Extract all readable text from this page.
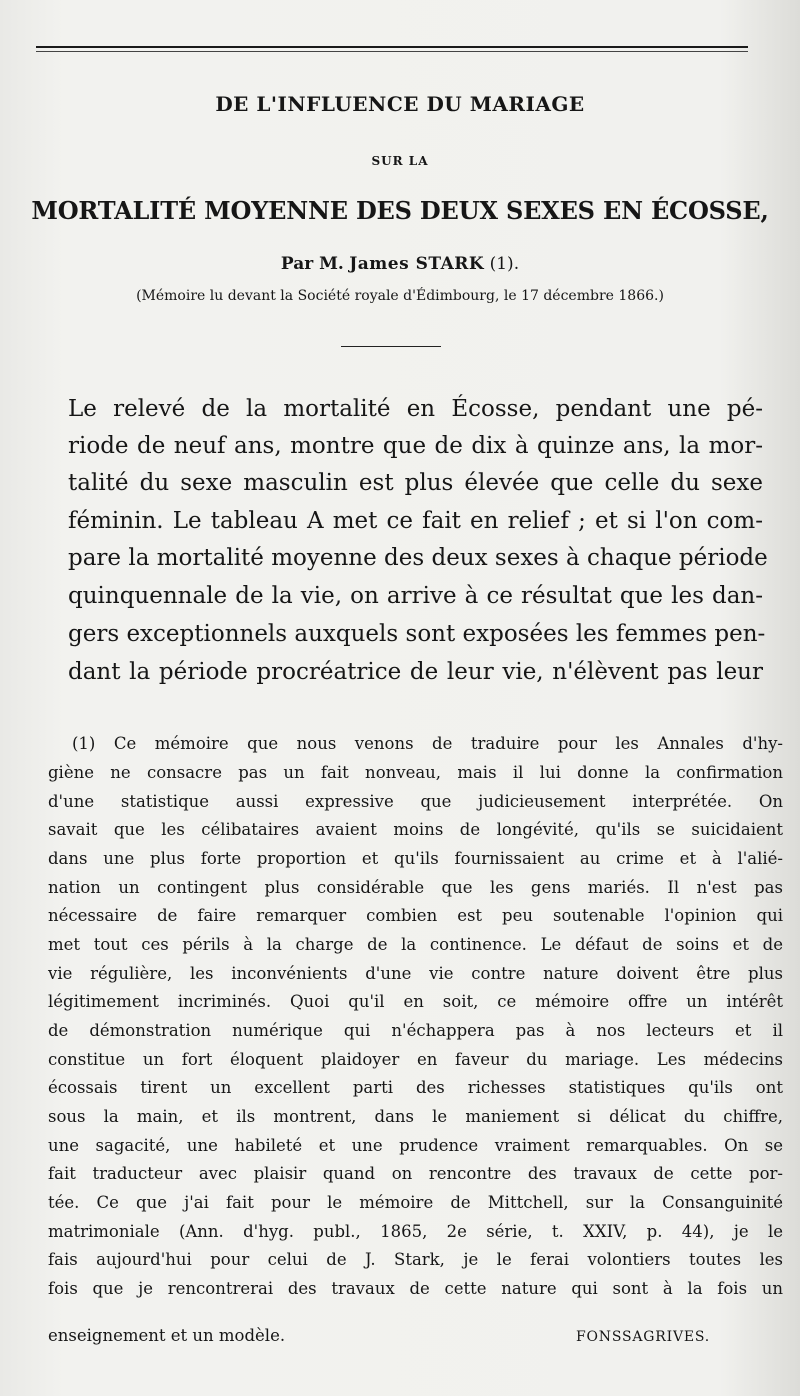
DE L'INFLUENCE DU MARIAGE
SUR LA
MORTALITÉ MOYENNE DES DEUX SEXES EN ÉCOSSE,
Par M. James STARK (1).
(Mémoire lu devant la Société royale d'Édimbourg, le 17 décembre 1866.)
Le relevé de la mortalité en Écosse, pendant une pé-
riode de neuf ans, montre que de dix à quinze ans, la mor-
talité du sexe masculin est plus élevée que celle du sexe
féminin. Le tableau A met ce fait en relief ; et si l'on com-
pare la mortalité moyenne des deux sexes à chaque période
quinquennale de la vie, on arrive à ce résultat que les dan-
gers exceptionnels auxquels sont exposées les femmes pen-
dant la période procréatrice de leur vie, n'élèvent pas leur
(1) Ce mémoire que nous venons de traduire pour les Annales d'hy-
giène ne consacre pas un fait nonveau, mais il lui donne la confirmation
d'une statistique aussi expressive que judicieusement interprétée. On
savait que les célibataires avaient moins de longévité, qu'ils se suicidaient
dans une plus forte proportion et qu'ils fournissaient au crime et à l'alié-
nation un contingent plus considérable que les gens mariés. Il n'est pas
nécessaire de faire remarquer combien est peu soutenable l'opinion qui
met tout ces périls à la charge de la continence. Le défaut de soins et de
vie régulière, les inconvénients d'une vie contre nature doivent être plus
légitimement incriminés. Quoi qu'il en soit, ce mémoire offre un intérêt
de démonstration numérique qui n'échappera pas à nos lecteurs et il
constitue un fort éloquent plaidoyer en faveur du mariage. Les médecins
écossais tirent un excellent parti des richesses statistiques qu'ils ont
sous la main, et ils montrent, dans le maniement si délicat du chiffre,
une sagacité, une habileté et une prudence vraiment remarquables. On se
fait traducteur avec plaisir quand on rencontre des travaux de cette por-
tée. Ce que j'ai fait pour le mémoire de Mittchell, sur la Consanguinité
matrimoniale (Ann. d'hyg. publ., 1865, 2e série, t. XXIV, p. 44), je le
fais aujourd'hui pour celui de J. Stark, je le ferai volontiers toutes les
fois que je rencontrerai des travaux de cette nature qui sont à la fois un
enseignement et un modèle.	FONSSAGRIVES.
